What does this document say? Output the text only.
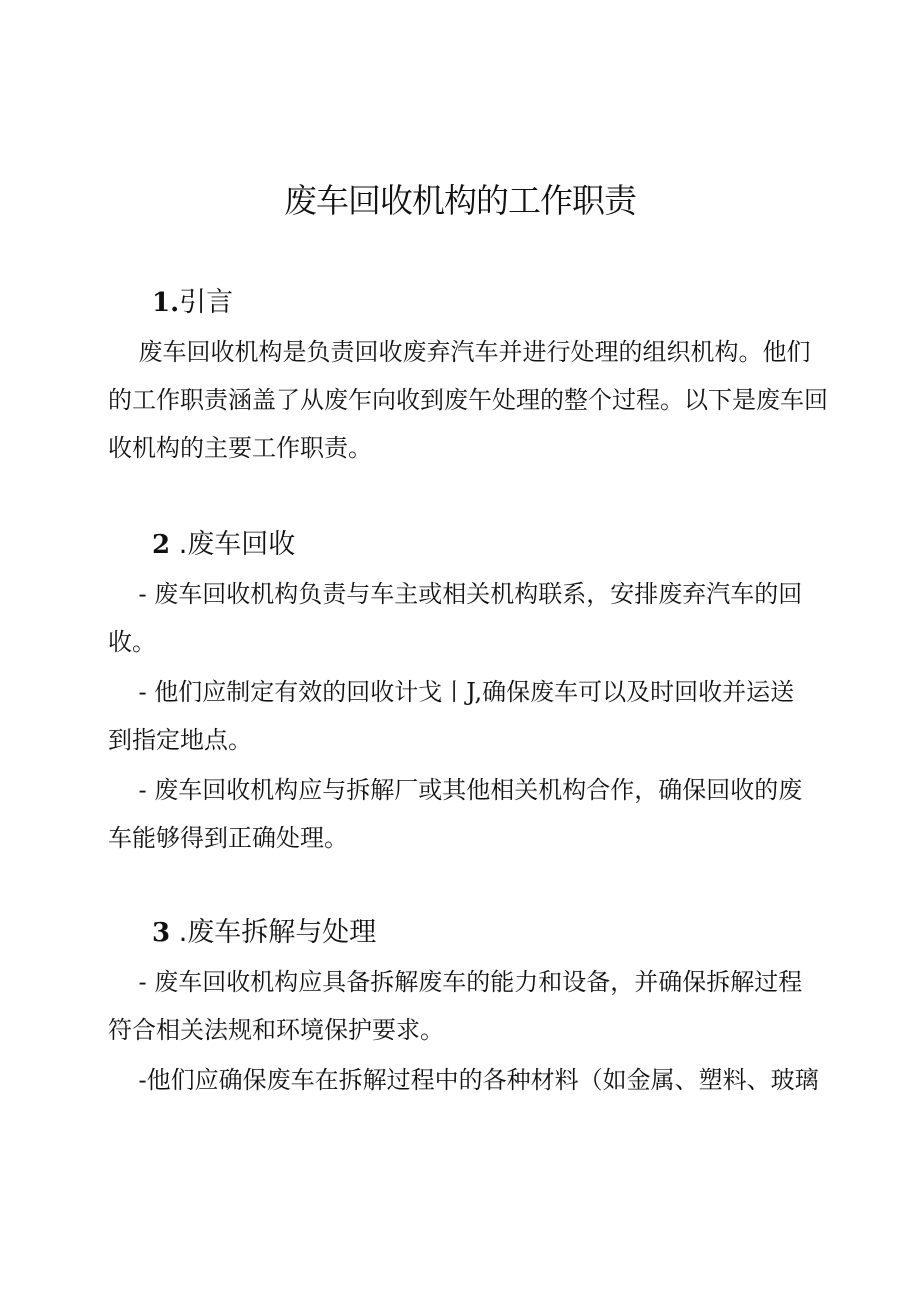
废车回收机构的工作职责
1.引言

废车回收机构是负责回收废弃汽车并进行处理的组织机构。他们
的工作职责涵盖了从废乍向收到废午处理的整个过程。以下是废车回
收机构的主要工作职责。

2 .废车回收

- 废车回收机构负责与车主或相关机构联系，安排废弃汽车的回
收。

- 他们应制定有效的回收计戈丨J,确保废车可以及时回收并运送
到指定地点。

- 废车回收机构应与拆解厂或其他相关机构合作，确保回收的废
车能够得到正确处理。

3 .废车拆解与处理

- 废车回收机构应具备拆解废车的能力和设备，并确保拆解过程
符合相关法规和环境保护要求。

-他们应确保废车在拆解过程中的各种材料（如金属、塑料、玻璃
